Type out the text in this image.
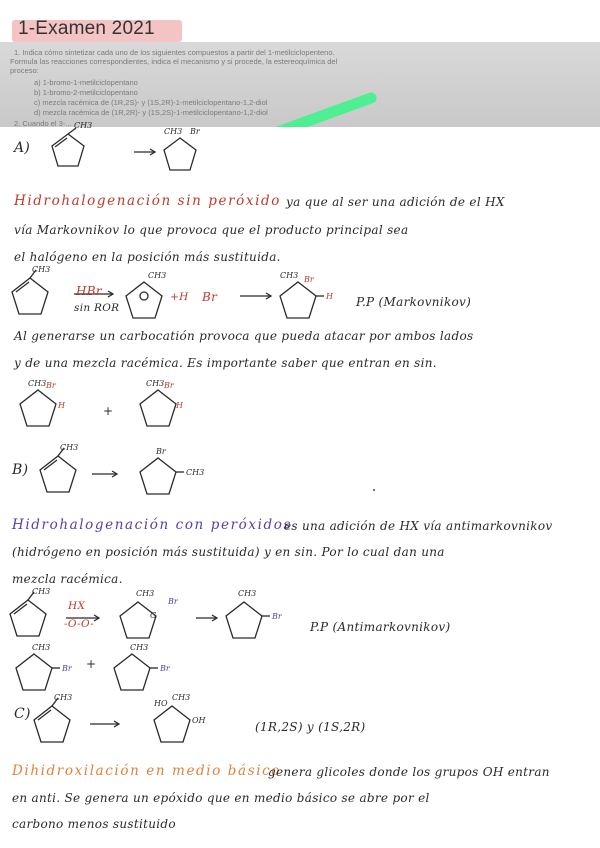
1-Examen 2021
1. Indica cómo sintetizar cada uno de los siguientes compuestos a partir del 1-metilciclopenteno.
Formula las reacciones correspondientes, indica el mecanismo y si procede, la estereoquímica del
proceso:
a) 1-bromo-1-metilciclopentano
b) 1-bromo-2-metilciclopentano
c) mezcla racémica de (1R,2S)- y (1S,2R)-1-metilciclopentano-1,2-diol
d) mezcla racémica de (1R,2R)- y (1S,2S)-1-metilciclopentano-1,2-diol
2. Cuando el 3-...
A)
CH3
CH3 Br
Hidrohalogenación sin peróxido ya que al ser una adición de el HX
vía Markovnikov lo que provoca que el producto principal sea
el halógeno en la posición más sustituida.
CH3
CH3	CH3 Br
H
HBr
sin ROR
+H Br	P.P (Markovnikov)
Al generarse un carbocatión provoca que pueda atacar por ambos lados
y de una mezcla racémica. Es importante saber que entran en sin.
CH3 Br
H
CH3 Br
H
+
B)
CH3	Br
CH3
Hidrohalogenación con peróxidos
es una adición de HX vía antimarkovnikov
(hidrógeno en posición más sustituida) y en sin. Por lo cual dan una
mezcla racémica.
CH3	CH3
G
Br
CH3
Br
HX
-O-O-	P.P (Antimarkovnikov)
CH3
Br
CH3
Br
+
C)
CH3
HO
CH3
OH	(1R,2S) y (1S,2R)
Dihidroxilación en medio básico
genera glicoles donde los grupos OH entran
en anti. Se genera un epóxido que en medio básico se abre por el
carbono menos sustituido
